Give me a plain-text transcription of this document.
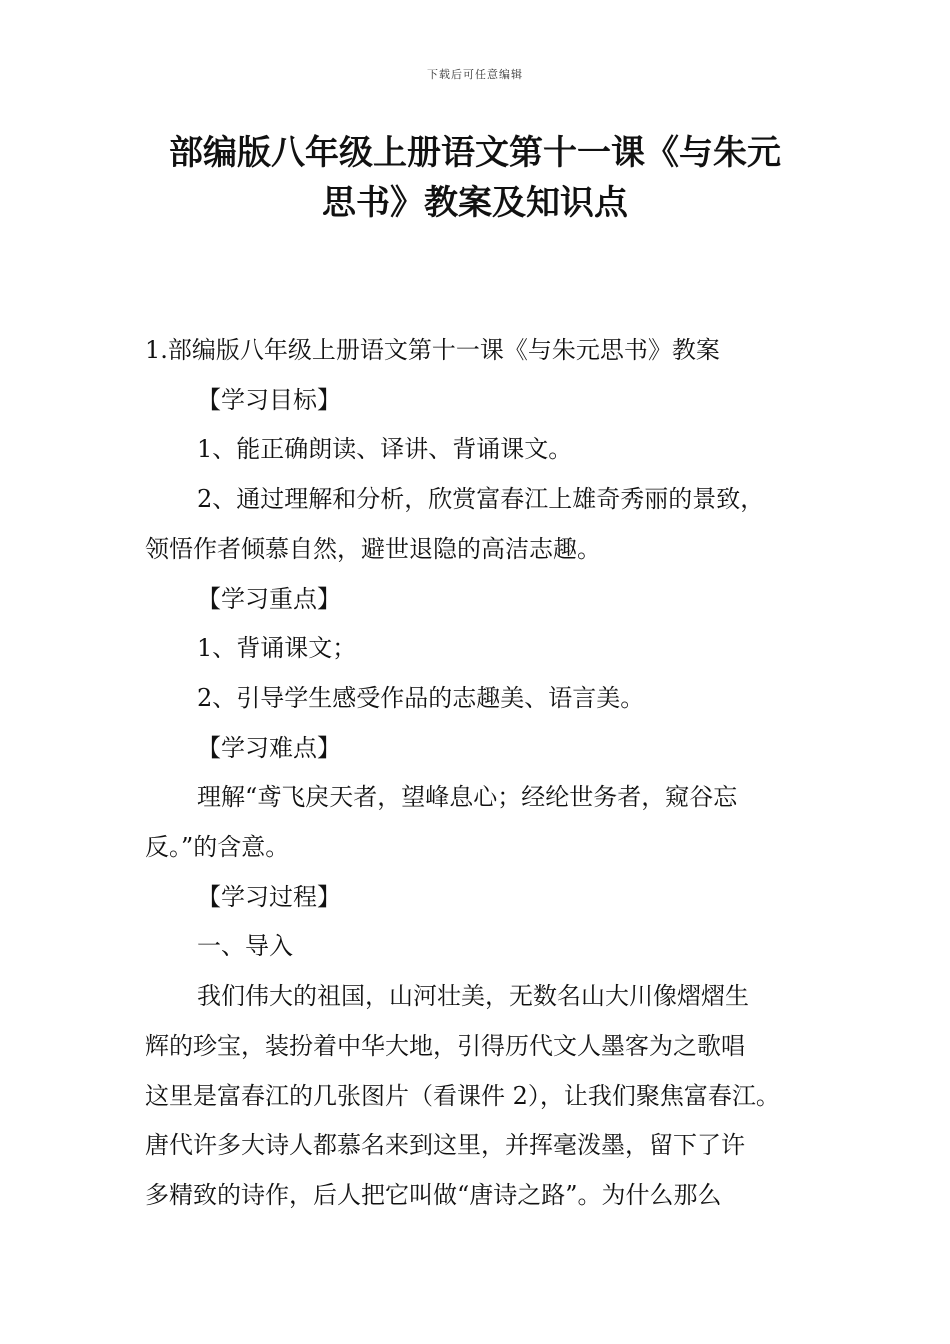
下载后可任意编辑
部编版八年级上册语文第十一课《与朱元
思书》教案及知识点

1.部编版八年级上册语文第十一课《与朱元思书》教案

【学习目标】

1、能正确朗读、译讲、背诵课文。

2、通过理解和分析，欣赏富春江上雄奇秀丽的景致，

领悟作者倾慕自然，避世退隐的高洁志趣。

【学习重点】

1、背诵课文；

2、引导学生感受作品的志趣美、语言美。

【学习难点】

理解“鸢飞戾天者，望峰息心；经纶世务者，窥谷忘

反。”的含意。

【学习过程】

一、导入

我们伟大的祖国，山河壮美，无数名山大川像熠熠生

辉的珍宝，装扮着中华大地，引得历代文人墨客为之歌唱

这里是富春江的几张图片（看课件 2），让我们聚焦富春江。

唐代许多大诗人都慕名来到这里，并挥毫泼墨，留下了许

多精致的诗作，后人把它叫做“唐诗之路”。为什么那么
